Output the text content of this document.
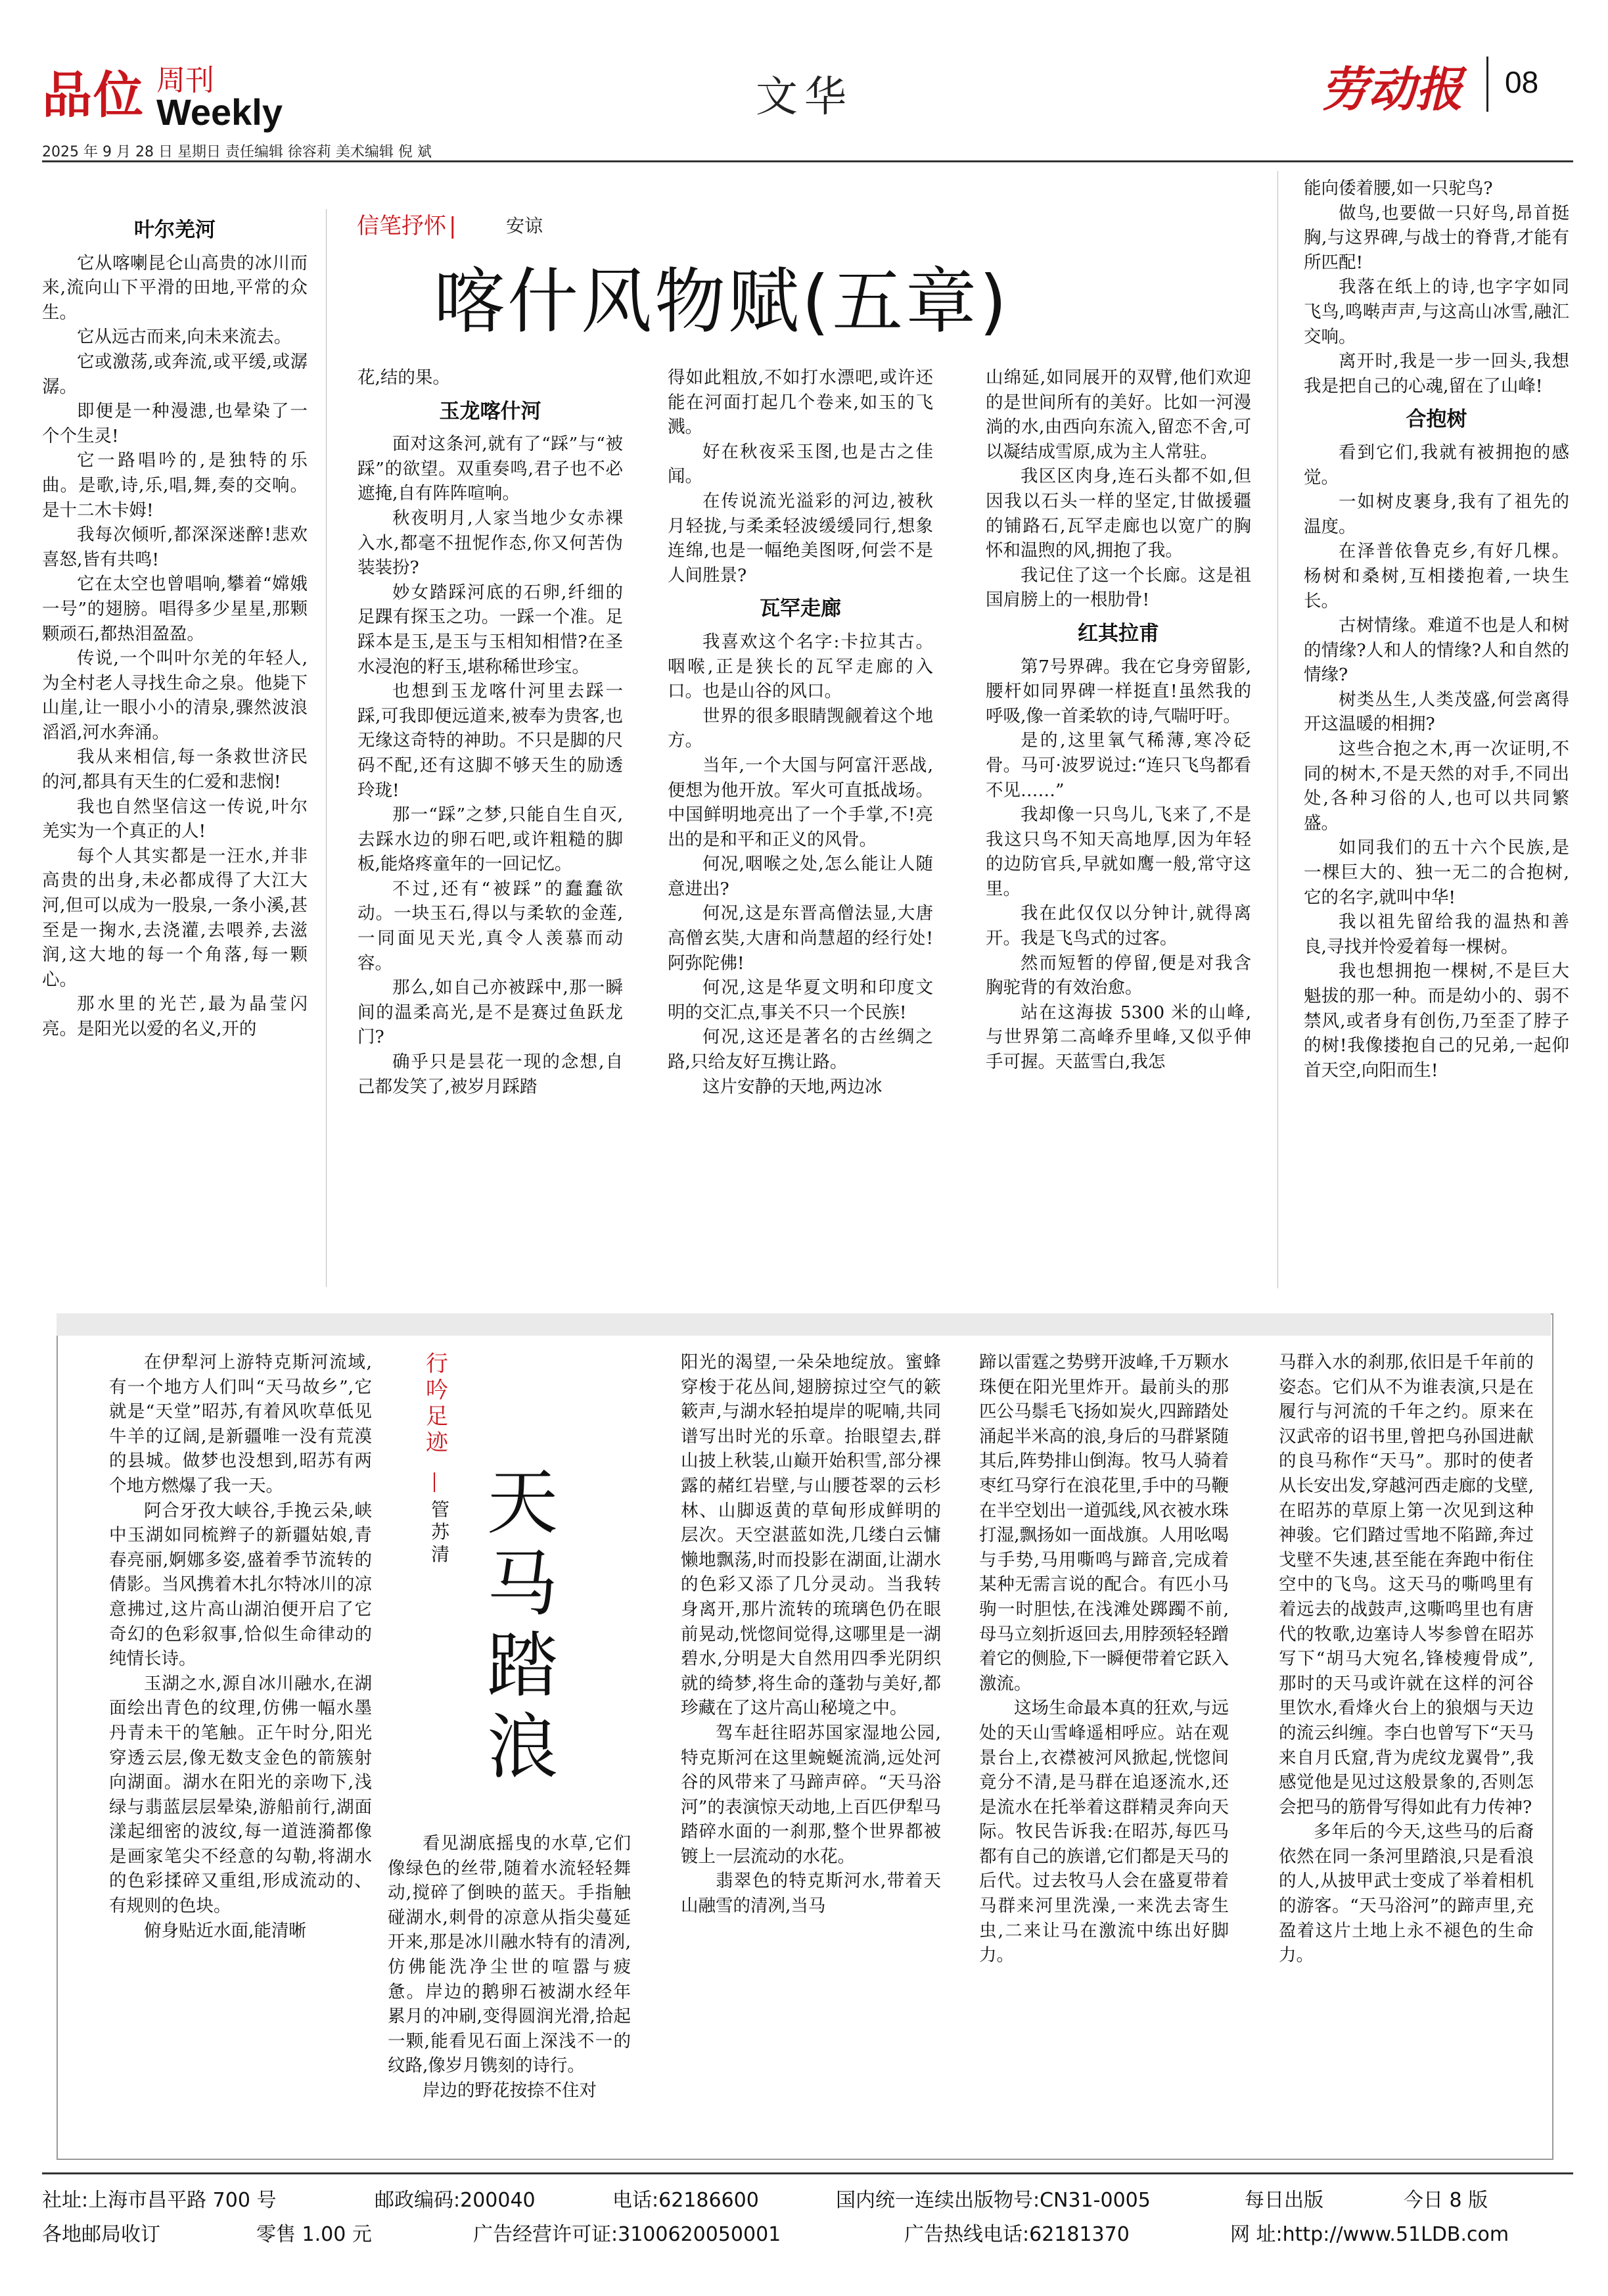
品位 周刊
Weekly
2025 年 9 月 28 日 星期日 责任编辑 徐容莉 美术编辑 倪 斌
文华	劳动报 08
信笔抒怀 |	安谅
喀什风物赋(五章)
叶尔羌河

它从喀喇昆仑山高贵的冰川而来,流向山下平滑的田地,平常的众生。

它从远古而来,向未来流去。

它或激荡,或奔流,或平缓,或潺潺。

即便是一种漫漶,也晕染了一个个生灵!

它一路唱吟的,是独特的乐曲。是歌,诗,乐,唱,舞,奏的交响。是十二木卡姆!

我每次倾听,都深深迷醉!悲欢喜怒,皆有共鸣!

它在太空也曾唱响,攀着“嫦娥一号”的翅膀。唱得多少星星,那颗颗顽石,都热泪盈盈。

传说,一个叫叶尔羌的年轻人,为全村老人寻找生命之泉。他毙下山崖,让一眼小小的清泉,骤然波浪滔滔,河水奔涌。

我从来相信,每一条救世济民的河,都具有天生的仁爱和悲悯!

我也自然坚信这一传说,叶尔羌实为一个真正的人!

每个人其实都是一汪水,并非高贵的出身,未必都成得了大江大河,但可以成为一股泉,一条小溪,甚至是一掬水,去浇灌,去喂养,去滋润,这大地的每一个角落,每一颗心。

那水里的光芒,最为晶莹闪亮。是阳光以爱的名义,开的

花,结的果。

玉龙喀什河

面对这条河,就有了“踩”与“被踩”的欲望。双重奏鸣,君子也不必遮掩,自有阵阵喧响。

秋夜明月,人家当地少女赤裸入水,都毫不扭怩作态,你又何苦伪装装扮?

妙女踏踩河底的石卵,纤细的足踝有探玉之功。一踩一个准。足踩本是玉,是玉与玉相知相惜?在圣水浸泡的籽玉,堪称稀世珍宝。

也想到玉龙喀什河里去踩一踩,可我即便远道来,被奉为贵客,也无缘这奇特的神助。不只是脚的尺码不配,还有这脚不够天生的励透玲珑!

那一“踩”之梦,只能自生自灭,去踩水边的卵石吧,或许粗糙的脚板,能烙疼童年的一回记忆。

不过,还有“被踩”的蠢蠢欲动。一块玉石,得以与柔软的金莲,一同面见天光,真令人羡慕而动容。

那么,如自己亦被踩中,那一瞬间的温柔高光,是不是赛过鱼跃龙门?

确乎只是昙花一现的念想,自己都发笑了,被岁月踩踏

得如此粗放,不如打水漂吧,或许还能在河面打起几个卷来,如玉的飞溅。

好在秋夜采玉图,也是古之佳闻。

在传说流光溢彩的河边,被秋月轻拢,与柔柔轻波缓缓同行,想象连绵,也是一幅绝美图呀,何尝不是人间胜景?

瓦罕走廊

我喜欢这个名字:卡拉其古。咽喉,正是狭长的瓦罕走廊的入口。也是山谷的风口。

世界的很多眼睛觊觎着这个地方。

当年,一个大国与阿富汗恶战,便想为他开放。军火可直抵战场。中国鲜明地亮出了一个手掌,不!亮出的是和平和正义的风骨。

何况,咽喉之处,怎么能让人随意进出?

何况,这是东晋高僧法显,大唐高僧玄奘,大唐和尚慧超的经行处!阿弥陀佛!

何况,这是华夏文明和印度文明的交汇点,事关不只一个民族!

何况,这还是著名的古丝绸之路,只给友好互携让路。

这片安静的天地,两边冰

山绵延,如同展开的双臂,他们欢迎的是世间所有的美好。比如一河漫淌的水,由西向东流入,留恋不舍,可以凝结成雪原,成为主人常驻。

我区区肉身,连石头都不如,但因我以石头一样的坚定,甘做援疆的铺路石,瓦罕走廊也以宽广的胸怀和温煦的风,拥抱了我。

我记住了这一个长廊。这是祖国肩膀上的一根肋骨!

红其拉甫

第7号界碑。我在它身旁留影,腰杆如同界碑一样挺直!虽然我的呼吸,像一首柔软的诗,气喘吁吁。

是的,这里氧气稀薄,寒冷砭骨。马可·波罗说过:“连只飞鸟都看不见……”

我却像一只鸟儿,飞来了,不是我这只鸟不知天高地厚,因为年轻的边防官兵,早就如鹰一般,常守这里。

我在此仅仅以分钟计,就得离开。我是飞鸟式的过客。

然而短暂的停留,便是对我含胸驼背的有效治愈。

站在这海拔 5300 米的山峰,与世界第二高峰乔里峰,又似乎伸手可握。天蓝雪白,我怎

能向倭着腰,如一只驼鸟?

做鸟,也要做一只好鸟,昂首挺胸,与这界碑,与战士的脊背,才能有所匹配!

我落在纸上的诗,也字字如同飞鸟,鸣啭声声,与这高山冰雪,融汇交响。

离开时,我是一步一回头,我想我是把自己的心魂,留在了山峰!

合抱树

看到它们,我就有被拥抱的感觉。

一如树皮裹身,我有了祖先的温度。

在泽普依鲁克乡,有好几棵。杨树和桑树,互相搂抱着,一块生长。

古树情缘。难道不也是人和树的情缘?人和人的情缘?人和自然的情缘?

树类丛生,人类茂盛,何尝离得开这温暖的相拥?

这些合抱之木,再一次证明,不同的树木,不是天然的对手,不同出处,各种习俗的人,也可以共同繁盛。

如同我们的五十六个民族,是一棵巨大的、独一无二的合抱树,它的名字,就叫中华!

我以祖先留给我的温热和善良,寻找并怜爱着每一棵树。

我也想拥抱一棵树,不是巨大魁拔的那一种。而是幼小的、弱不禁风,或者身有创伤,乃至歪了脖子的树!我像搂抱自己的兄弟,一起仰首天空,向阳而生!

行吟足迹
管苏清
天马踏浪

在伊犁河上游特克斯河流域,有一个地方人们叫“天马故乡”,它就是“天堂”昭苏,有着风吹草低见牛羊的辽阔,是新疆唯一没有荒漠的县城。做梦也没想到,昭苏有两个地方燃爆了我一天。

阿合牙孜大峡谷,手挽云朵,峡中玉湖如同梳辫子的新疆姑娘,青春亮丽,婀娜多姿,盛着季节流转的倩影。当风携着木扎尔特冰川的凉意拂过,这片高山湖泊便开启了它奇幻的色彩叙事,恰似生命律动的纯情长诗。

玉湖之水,源自冰川融水,在湖面绘出青色的纹理,仿佛一幅水墨丹青未干的笔触。正午时分,阳光穿透云层,像无数支金色的箭簇射向湖面。湖水在阳光的亲吻下,浅绿与翡蓝层层晕染,游船前行,湖面漾起细密的波纹,每一道涟漪都像是画家笔尖不经意的勾勒,将湖水的色彩揉碎又重组,形成流动的、有规则的色块。

俯身贴近水面,能清晰

看见湖底摇曳的水草,它们像绿色的丝带,随着水流轻轻舞动,搅碎了倒映的蓝天。手指触碰湖水,刺骨的凉意从指尖蔓延开来,那是冰川融水特有的清冽,仿佛能洗净尘世的喧嚣与疲惫。岸边的鹅卵石被湖水经年累月的冲刷,变得圆润光滑,拾起一颗,能看见石面上深浅不一的纹路,像岁月镌刻的诗行。

岸边的野花按捺不住对

阳光的渴望,一朵朵地绽放。蜜蜂穿梭于花丛间,翅膀掠过空气的簌簌声,与湖水轻拍堤岸的呢喃,共同谱写出时光的乐章。抬眼望去,群山披上秋装,山巅开始积雪,部分裸露的赭红岩壁,与山腰苍翠的云杉林、山脚返黄的草甸形成鲜明的层次。天空湛蓝如洗,几缕白云慵懒地飘荡,时而投影在湖面,让湖水的色彩又添了几分灵动。当我转身离开,那片流转的琉璃色仍在眼前晃动,恍惚间觉得,这哪里是一湖碧水,分明是大自然用四季光阴织就的绮梦,将生命的蓬勃与美好,都珍藏在了这片高山秘境之中。

驾车赶往昭苏国家湿地公园,特克斯河在这里蜿蜒流淌,远处河谷的风带来了马蹄声碎。“天马浴河”的表演惊天动地,上百匹伊犁马踏碎水面的一刹那,整个世界都被镀上一层流动的水花。

翡翠色的特克斯河水,带着天山融雪的清冽,当马

蹄以雷霆之势劈开波峰,千万颗水珠便在阳光里炸开。最前头的那匹公马鬃毛飞扬如炭火,四蹄踏处涌起半米高的浪,身后的马群紧随其后,阵势排山倒海。牧马人骑着枣红马穿行在浪花里,手中的马鞭在半空划出一道弧线,风衣被水珠打湿,飘扬如一面战旗。人用吆喝与手势,马用嘶鸣与蹄音,完成着某种无需言说的配合。有匹小马驹一时胆怯,在浅滩处踯躅不前,母马立刻折返回去,用脖颈轻轻蹭着它的侧脸,下一瞬便带着它跃入激流。

这场生命最本真的狂欢,与远处的天山雪峰遥相呼应。站在观景台上,衣襟被河风掀起,恍惚间竟分不清,是马群在追逐流水,还是流水在托举着这群精灵奔向天际。牧民告诉我:在昭苏,每匹马都有自己的族谱,它们都是天马的后代。过去牧马人会在盛夏带着马群来河里洗澡,一来洗去寄生虫,二来让马在激流中练出好脚力。

马群入水的刹那,依旧是千年前的姿态。它们从不为谁表演,只是在履行与河流的千年之约。原来在汉武帝的诏书里,曾把乌孙国进献的良马称作“天马”。那时的使者从长安出发,穿越河西走廊的戈壁,在昭苏的草原上第一次见到这种神骏。它们踏过雪地不陷蹄,奔过戈壁不失速,甚至能在奔跑中衔住空中的飞鸟。这天马的嘶鸣里有着远去的战鼓声,这嘶鸣里也有唐代的牧歌,边塞诗人岑参曾在昭苏写下“胡马大宛名,锋棱瘦骨成”,那时的天马或许就在这样的河谷里饮水,看烽火台上的狼烟与天边的流云纠缠。李白也曾写下“天马来自月氏窟,背为虎纹龙翼骨”,我感觉他是见过这般景象的,否则怎会把马的筋骨写得如此有力传神?

多年后的今天,这些马的后裔依然在同一条河里踏浪,只是看浪的人,从披甲武士变成了举着相机的游客。“天马浴河”的蹄声里,充盈着这片土地上永不褪色的生命力。

社址:上海市昌平路 700 号	邮政编码:200040	电话:62186600	国内统一连续出版物号:CN31-0005	每日出版	今日 8 版
各地邮局收订	零售 1.00 元	广告经营许可证:3100620050001	广告热线电话:62181370	网 址:http://www.51LDB.com
